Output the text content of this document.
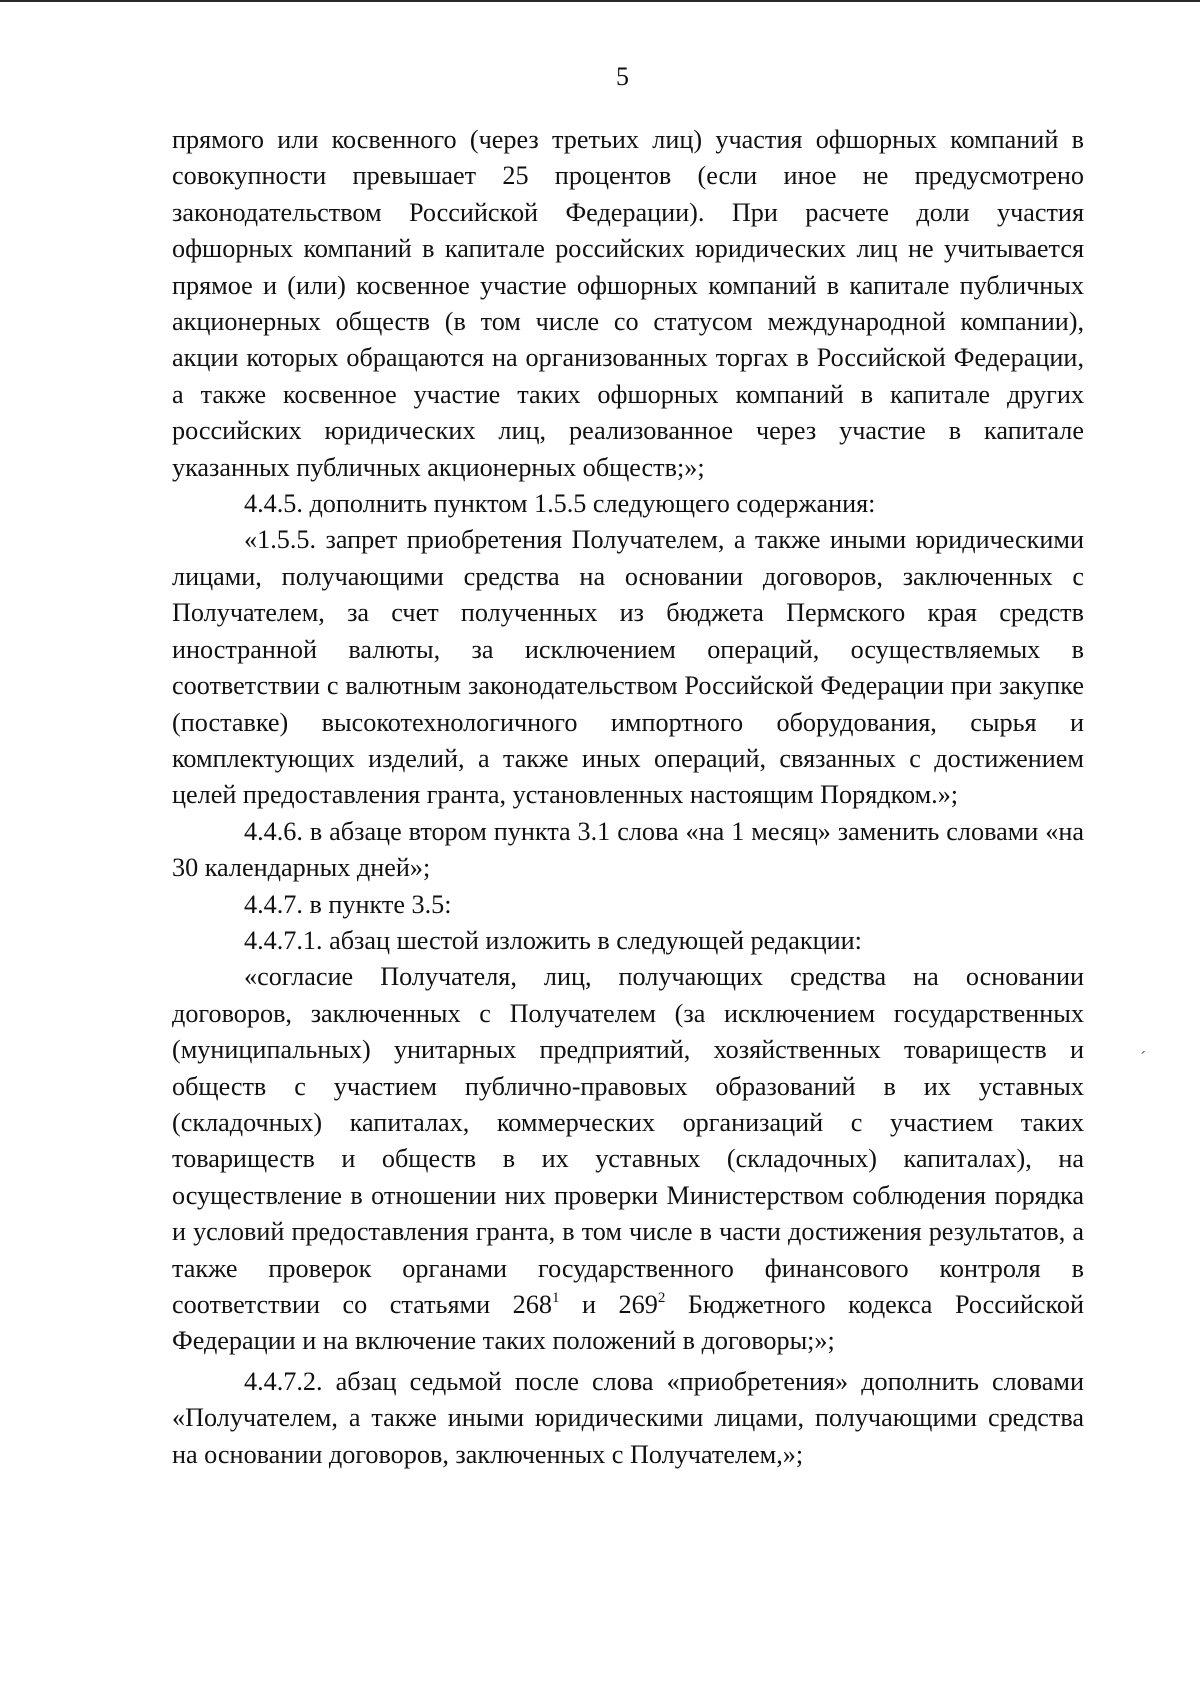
5

прямого или косвенного (через третьих лиц) участия офшорных компаний в совокупности превышает 25 процентов (если иное не предусмотрено законодательством Российской Федерации). При расчете доли участия офшорных компаний в капитале российских юридических лиц не учитывается прямое и (или) косвенное участие офшорных компаний в капитале публичных акционерных обществ (в том числе со статусом международной компании), акции которых обращаются на организованных торгах в Российской Федерации, а также косвенное участие таких офшорных компаний в капитале других российских юридических лиц, реализованное через участие в капитале указанных публичных акционерных обществ;»;

4.4.5. дополнить пунктом 1.5.5 следующего содержания:

«1.5.5. запрет приобретения Получателем, а также иными юридическими лицами, получающими средства на основании договоров, заключенных с Получателем, за счет полученных из бюджета Пермского края средств иностранной валюты, за исключением операций, осуществляемых в соответствии с валютным законодательством Российской Федерации при закупке (поставке) высокотехнологичного импортного оборудования, сырья и комплектующих изделий, а также иных операций, связанных с достижением целей предоставления гранта, установленных настоящим Порядком.»;

4.4.6. в абзаце втором пункта 3.1 слова «на 1 месяц» заменить словами «на 30 календарных дней»;

4.4.7. в пункте 3.5:

4.4.7.1. абзац шестой изложить в следующей редакции:

«согласие Получателя, лиц, получающих средства на основании договоров, заключенных с Получателем (за исключением государственных (муниципальных) унитарных предприятий, хозяйственных товариществ и обществ с участием публично-правовых образований в их уставных (складочных) капиталах, коммерческих организаций с участием таких товариществ и обществ в их уставных (складочных) капиталах), на осуществление в отношении них проверки Министерством соблюдения порядка и условий предоставления гранта, в том числе в части достижения результатов, а также проверок органами государственного финансового контроля в соответствии со статьями $268^1$ и $269^2$ Бюджетного кодекса Российской Федерации и на включение таких положений в договоры;»;

4.4.7.2. абзац седьмой после слова «приобретения» дополнить словами «Получателем, а также иными юридическими лицами, получающими средства на основании договоров, заключенных с Получателем,»;

ˊ
